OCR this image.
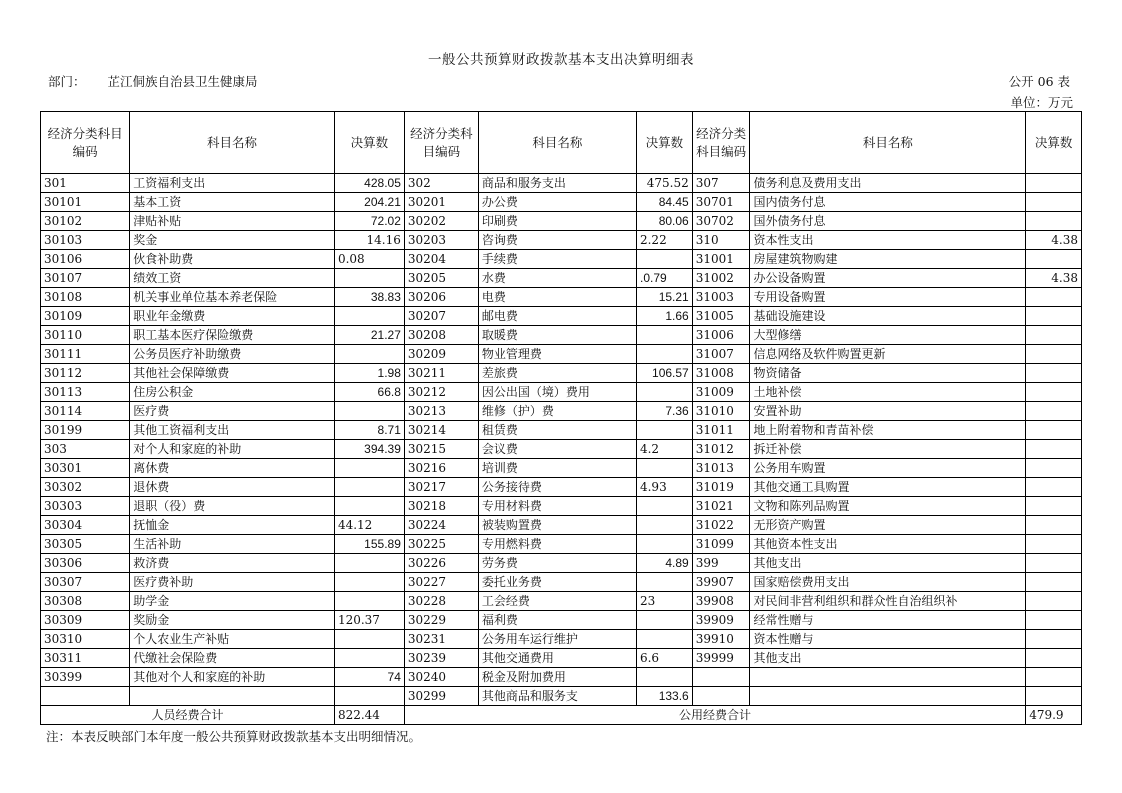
一般公共预算财政拨款基本支出决算明细表
部门： 芷江侗族自治县卫生健康局	公开 06 表
单位：万元
经济分类科目编码	科目名称	决算数	经济分类科目编码	科目名称	决算数	经济分类科目编码	科目名称	决算数
301	工资福利支出	428.05	302	商品和服务支出	475.52	307	债务利息及费用支出	
30101	基本工资	204.21	30201	办公费	84.45	30701	国内债务付息	
30102	津贴补贴	72.02	30202	印刷费	80.06	30702	国外债务付息	
30103	奖金	14.16	30203	咨询费	2.22	310	资本性支出	4.38
30106	伙食补助费	0.08	30204	手续费		31001	房屋建筑物购建	
30107	绩效工资		30205	水费	.0.79	31002	办公设备购置	4.38
30108	机关事业单位基本养老保险	38.83	30206	电费	15.21	31003	专用设备购置	
30109	职业年金缴费		30207	邮电费	1.66	31005	基础设施建设	
30110	职工基本医疗保险缴费	21.27	30208	取暖费		31006	大型修缮	
30111	公务员医疗补助缴费		30209	物业管理费		31007	信息网络及软件购置更新	
30112	其他社会保障缴费	1.98	30211	差旅费	106.57	31008	物资储备	
30113	住房公积金	66.8	30212	因公出国（境）费用		31009	土地补偿	
30114	医疗费		30213	维修（护）费	7.36	31010	安置补助	
30199	其他工资福利支出	8.71	30214	租赁费		31011	地上附着物和青苗补偿	
303	对个人和家庭的补助	394.39	30215	会议费	4.2	31012	拆迁补偿	
30301	离休费		30216	培训费		31013	公务用车购置	
30302	退休费		30217	公务接待费	4.93	31019	其他交通工具购置	
30303	退职（役）费		30218	专用材料费		31021	文物和陈列品购置	
30304	抚恤金	44.12	30224	被装购置费		31022	无形资产购置	
30305	生活补助	155.89	30225	专用燃料费		31099	其他资本性支出	
30306	救济费		30226	劳务费	4.89	399	其他支出	
30307	医疗费补助		30227	委托业务费		39907	国家赔偿费用支出	
30308	助学金		30228	工会经费	23	39908	对民间非营利组织和群众性自治组织补	
30309	奖励金	120.37	30229	福利费		39909	经常性赠与	
30310	个人农业生产补贴		30231	公务用车运行维护		39910	资本性赠与	
30311	代缴社会保险费		30239	其他交通费用	6.6	39999	其他支出	
30399	其他对个人和家庭的补助	74	30240	税金及附加费用				
			30299	其他商品和服务支	133.6			
人员经费合计		822.44	公用经费合计					479.9
注：本表反映部门本年度一般公共预算财政拨款基本支出明细情况。
